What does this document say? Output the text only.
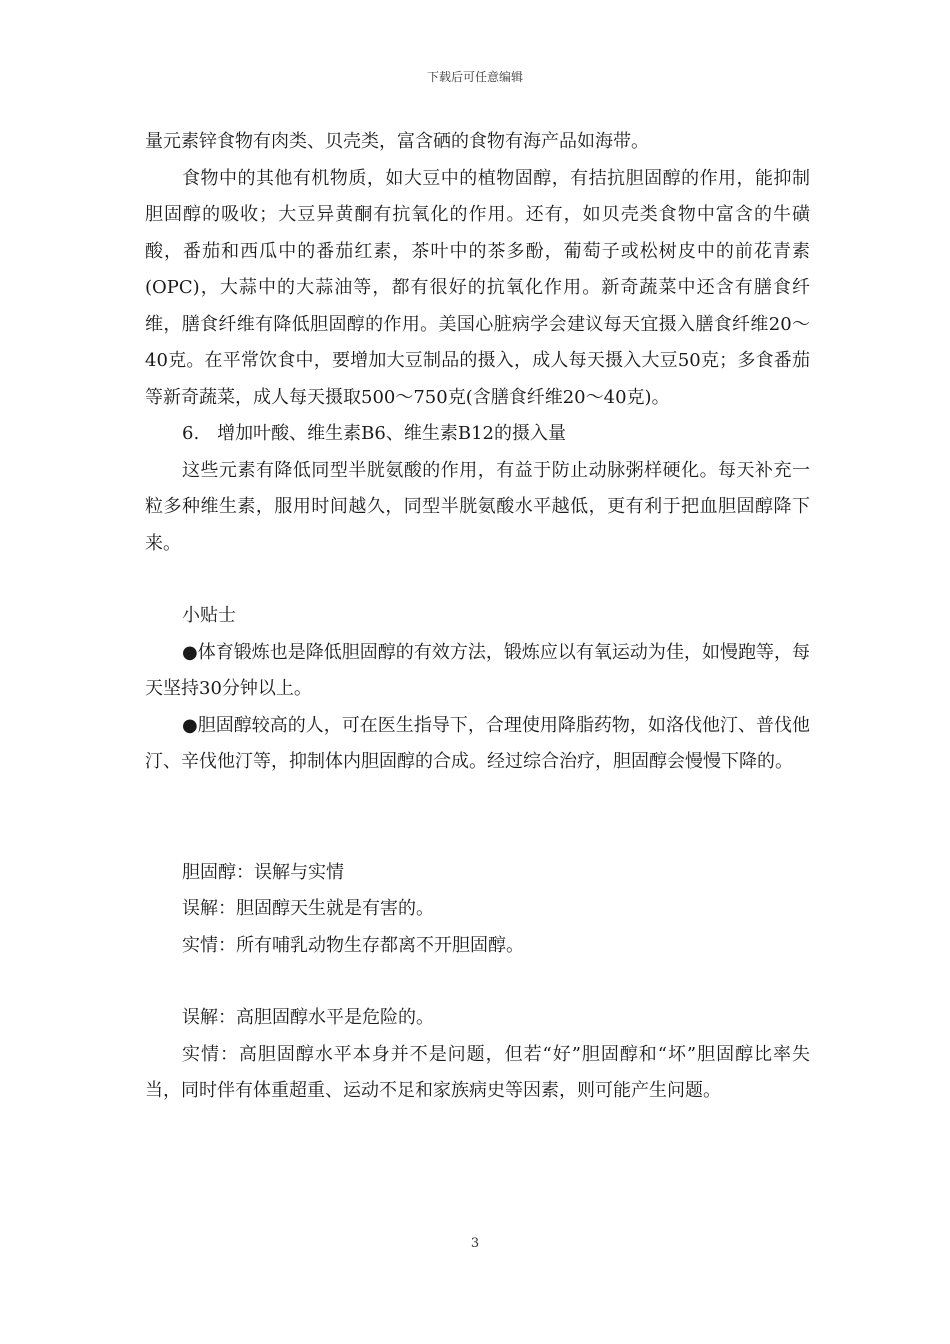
下载后可任意编辑

量元素锌食物有肉类、贝壳类，富含硒的食物有海产品如海带。

食物中的其他有机物质，如大豆中的植物固醇，有拮抗胆固醇的作用，能抑制胆固醇的吸收；大豆异黄酮有抗氧化的作用。还有，如贝壳类食物中富含的牛磺酸，番茄和西瓜中的番茄红素，茶叶中的茶多酚，葡萄子或松树皮中的前花青素(OPC)，大蒜中的大蒜油等，都有很好的抗氧化作用。新奇蔬菜中还含有膳食纤维，膳食纤维有降低胆固醇的作用。美国心脏病学会建议每天宜摄入膳食纤维20～40克。在平常饮食中，要增加大豆制品的摄入，成人每天摄入大豆50克；多食番茄等新奇蔬菜，成人每天摄取500～750克(含膳食纤维20～40克)。

6.　增加叶酸、维生素B6、维生素B12的摄入量

这些元素有降低同型半胱氨酸的作用，有益于防止动脉粥样硬化。每天补充一粒多种维生素，服用时间越久，同型半胱氨酸水平越低，更有利于把血胆固醇降下来。

小贴士

●体育锻炼也是降低胆固醇的有效方法，锻炼应以有氧运动为佳，如慢跑等，每天坚持30分钟以上。

●胆固醇较高的人，可在医生指导下，合理使用降脂药物，如洛伐他汀、普伐他汀、辛伐他汀等，抑制体内胆固醇的合成。经过综合治疗，胆固醇会慢慢下降的。

胆固醇：误解与实情

误解：胆固醇天生就是有害的。

实情：所有哺乳动物生存都离不开胆固醇。

误解：高胆固醇水平是危险的。

实情：高胆固醇水平本身并不是问题，但若“好”胆固醇和“坏”胆固醇比率失当，同时伴有体重超重、运动不足和家族病史等因素，则可能产生问题。

3
